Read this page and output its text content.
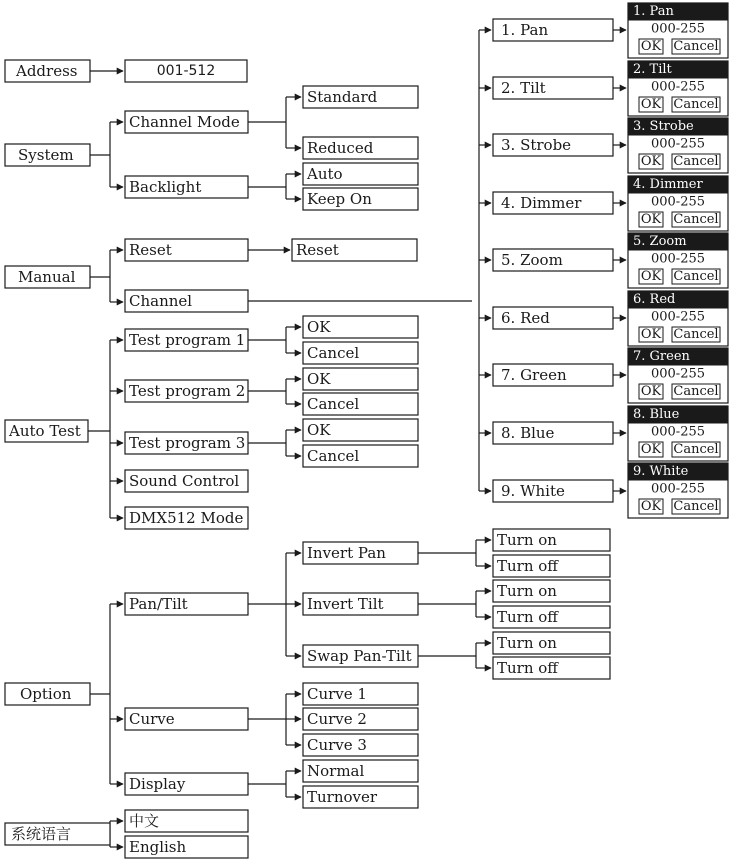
Address	001-512
System
Channel Mode
Standard
Reduced
Backlight
Auto
Keep On
Manual
Reset	Reset
Channel
1. Pan
2. Tilt
3. Strobe
4. Dimmer
5. Zoom
6. Red
7. Green
8. Blue
9. White
1. Pan
000-255
OK Cancel
2. Tilt
000-255
OK Cancel
3. Strobe
000-255
OK Cancel
4. Dimmer
000-255
OK Cancel
5. Zoom
000-255
OK Cancel
6. Red
000-255
OK Cancel
7. Green
000-255
OK Cancel
8. Blue
000-255
OK Cancel
9. White
000-255
OK Cancel
Auto Test
Test program 1
OK
Cancel
Test program 2
OK
Cancel
Test program 3
OK
Cancel
Sound Control
DMX512 Mode
Option
Pan/Tilt
Invert Pan
Invert Tilt
Swap Pan-Tilt
Turn on
Turn off
Turn on
Turn off
Turn on
Turn off
Curve
Curve 1
Curve 2
Curve 3
Display
Normal
Turnover
系统语言
中文
English
